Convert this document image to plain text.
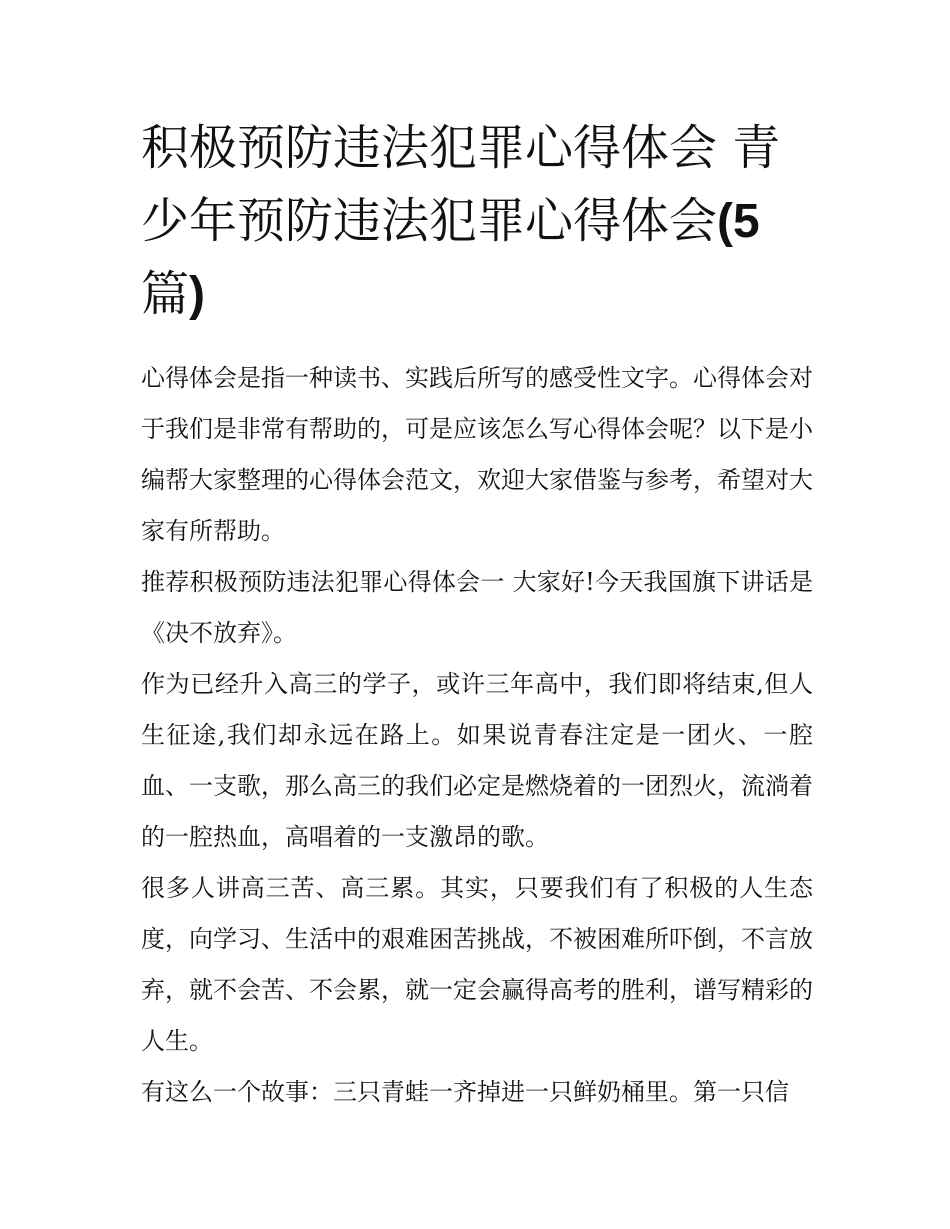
积极预防违法犯罪心得体会 青少年预防违法犯罪心得体会(5篇)

心得体会是指一种读书、实践后所写的感受性文字。心得体会对于我们是非常有帮助的，可是应该怎么写心得体会呢？以下是小编帮大家整理的心得体会范文，欢迎大家借鉴与参考，希望对大家有所帮助。

推荐积极预防违法犯罪心得体会一 大家好!今天我国旗下讲话是《决不放弃》。

作为已经升入高三的学子，或许三年高中，我们即将结束,但人生征途,我们却永远在路上。如果说青春注定是一团火、一腔血、一支歌，那么高三的我们必定是燃烧着的一团烈火，流淌着的一腔热血，高唱着的一支激昂的歌。

很多人讲高三苦、高三累。其实，只要我们有了积极的人生态度，向学习、生活中的艰难困苦挑战，不被困难所吓倒，不言放弃，就不会苦、不会累，就一定会赢得高考的胜利，谱写精彩的人生。

有这么一个故事：三只青蛙一齐掉进一只鲜奶桶里。第一只信
